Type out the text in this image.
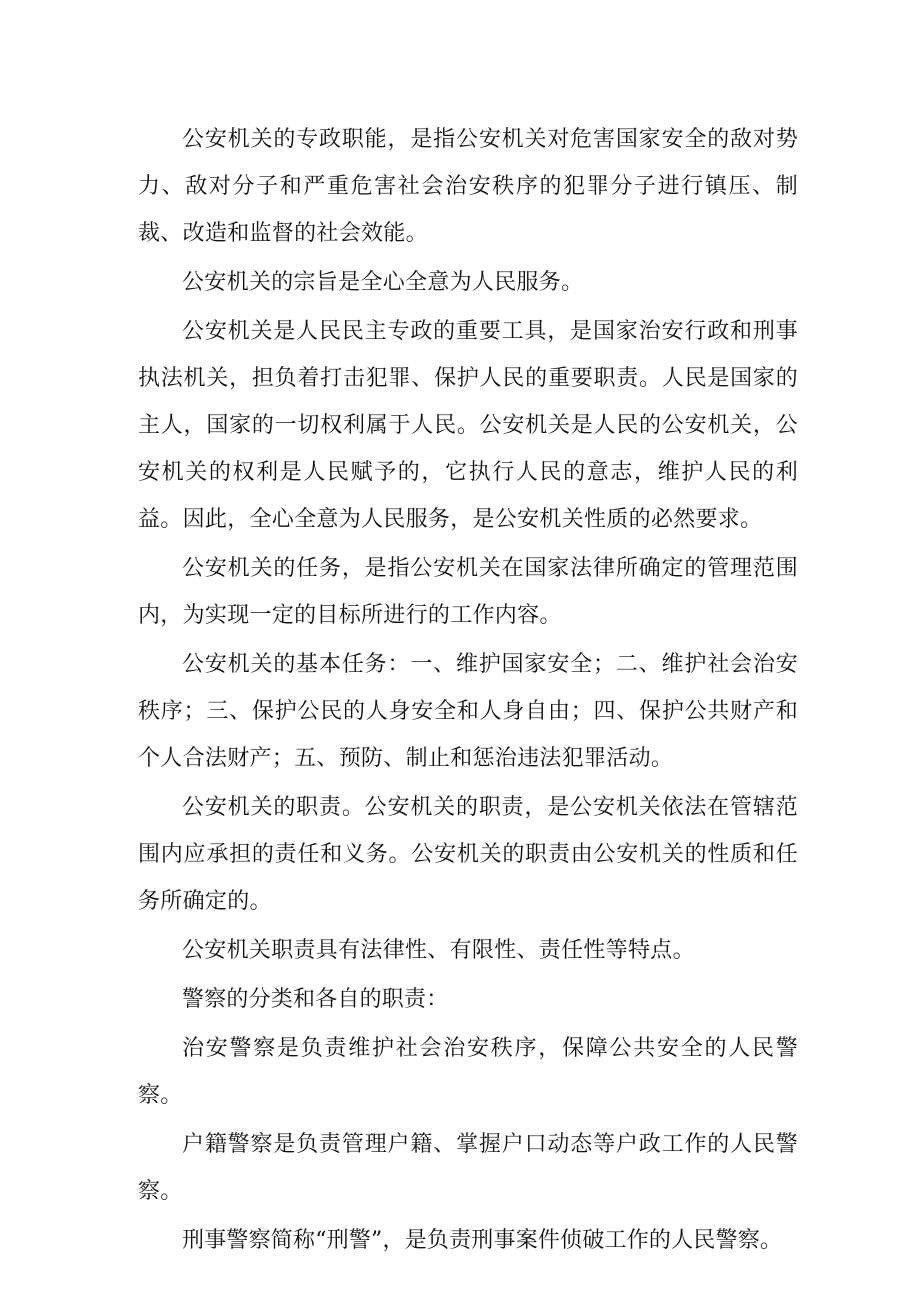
公安机关的专政职能，是指公安机关对危害国家安全的敌对势力、敌对分子和严重危害社会治安秩序的犯罪分子进行镇压、制裁、改造和监督的社会效能。

公安机关的宗旨是全心全意为人民服务。

公安机关是人民民主专政的重要工具，是国家治安行政和刑事执法机关，担负着打击犯罪、保护人民的重要职责。人民是国家的主人，国家的一切权利属于人民。公安机关是人民的公安机关，公安机关的权利是人民赋予的，它执行人民的意志，维护人民的利益。因此，全心全意为人民服务，是公安机关性质的必然要求。

公安机关的任务，是指公安机关在国家法律所确定的管理范围内，为实现一定的目标所进行的工作内容。

公安机关的基本任务：一、维护国家安全；二、维护社会治安秩序；三、保护公民的人身安全和人身自由；四、保护公共财产和个人合法财产；五、预防、制止和惩治违法犯罪活动。

公安机关的职责。公安机关的职责，是公安机关依法在管辖范围内应承担的责任和义务。公安机关的职责由公安机关的性质和任务所确定的。

公安机关职责具有法律性、有限性、责任性等特点。

警察的分类和各自的职责：

治安警察是负责维护社会治安秩序，保障公共安全的人民警察。

户籍警察是负责管理户籍、掌握户口动态等户政工作的人民警察。

刑事警察简称“刑警”，是负责刑事案件侦破工作的人民警察。
